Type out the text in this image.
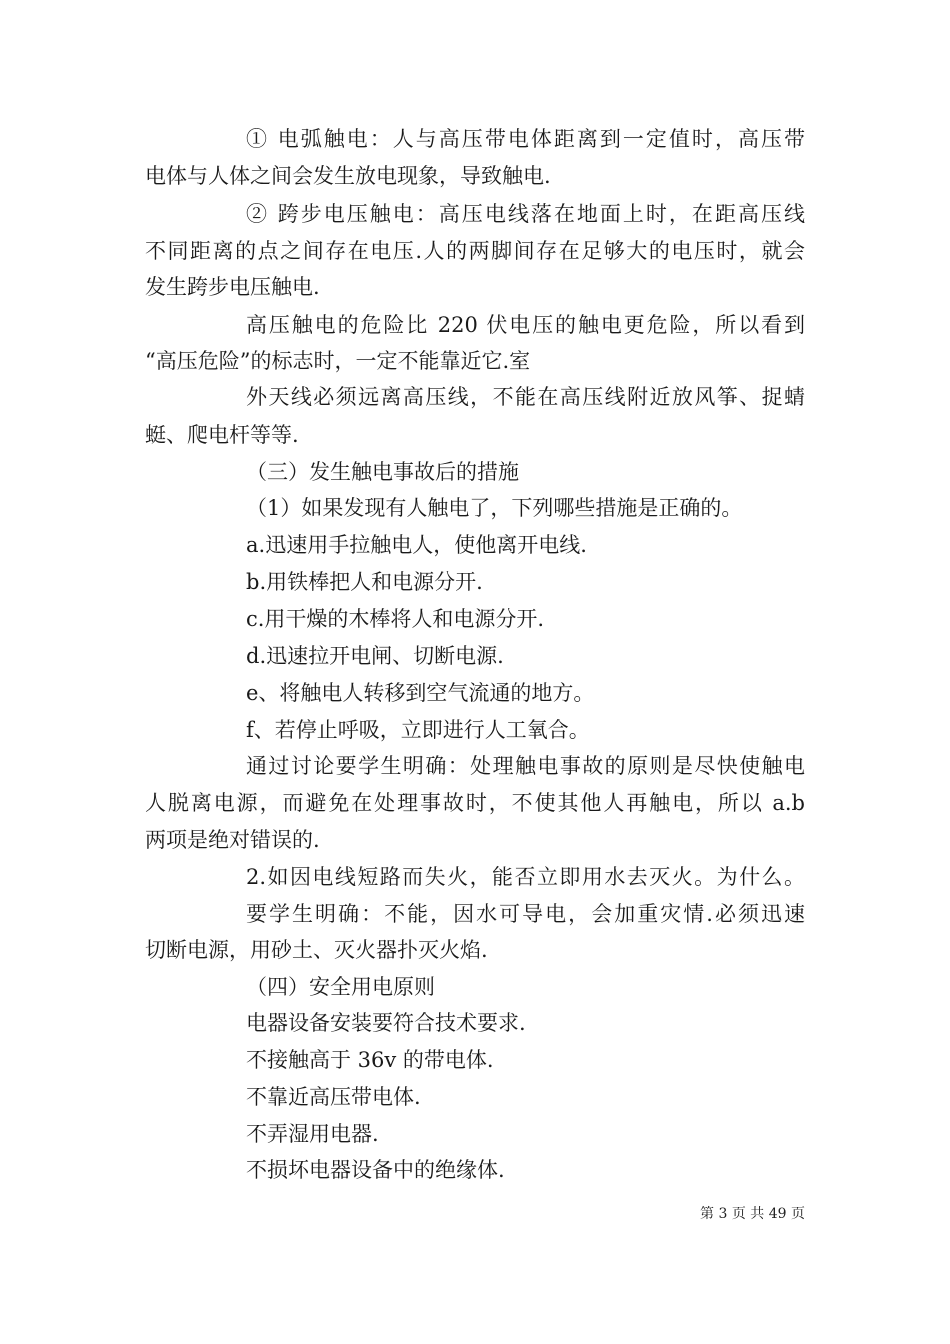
① 电弧触电：人与高压带电体距离到一定值时，高压带
电体与人体之间会发生放电现象，导致触电.
② 跨步电压触电：高压电线落在地面上时，在距高压线
不同距离的点之间存在电压.人的两脚间存在足够大的电压时，就会
发生跨步电压触电.
高压触电的危险比 220 伏电压的触电更危险，所以看到
“高压危险”的标志时，一定不能靠近它.室
外天线必须远离高压线，不能在高压线附近放风筝、捉蜻
蜓、爬电杆等等.
（三）发生触电事故后的措施
（1）如果发现有人触电了，下列哪些措施是正确的。
a.迅速用手拉触电人，使他离开电线.
b.用铁棒把人和电源分开.
c.用干燥的木棒将人和电源分开.
d.迅速拉开电闸、切断电源.
e、将触电人转移到空气流通的地方。
f、若停止呼吸，立即进行人工氧合。
通过讨论要学生明确：处理触电事故的原则是尽快使触电
人脱离电源，而避免在处理事故时，不使其他人再触电，所以 a.b
两项是绝对错误的.
2.如因电线短路而失火，能否立即用水去灭火。为什么。
要学生明确：不能，因水可导电，会加重灾情.必须迅速
切断电源，用砂土、灭火器扑灭火焰.
（四）安全用电原则
电器设备安装要符合技术要求.
不接触高于 36v 的带电体.
不靠近高压带电体.
不弄湿用电器.
不损坏电器设备中的绝缘体.
第 3 页 共 49 页
